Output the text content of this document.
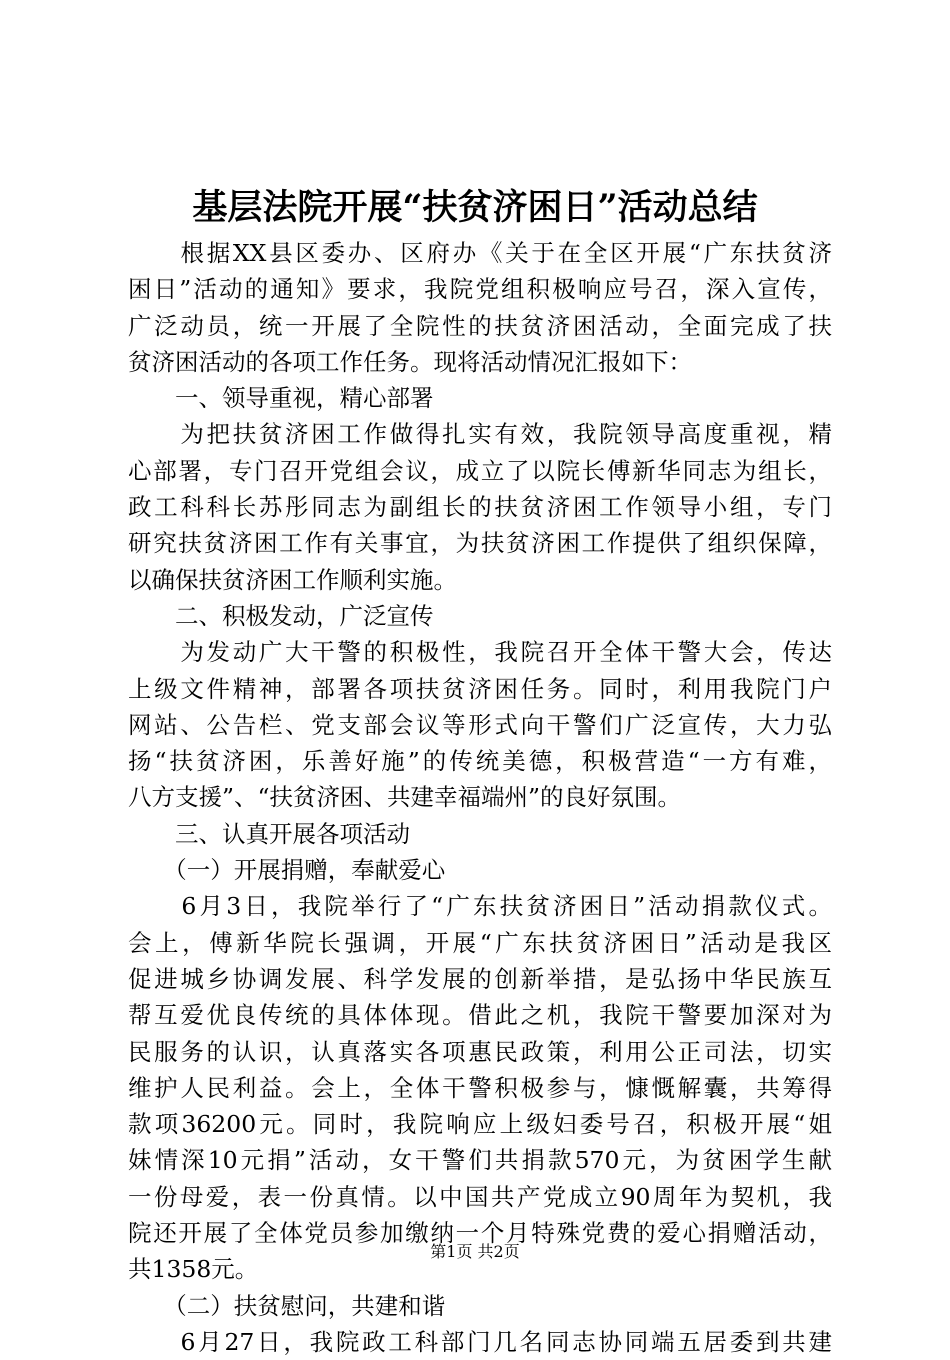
基层法院开展“扶贫济困日”活动总结
　　根据XX县区委办、区府办《关于在全区开展“广东扶贫济
困日”活动的通知》要求，我院党组积极响应号召，深入宣传，
广泛动员，统一开展了全院性的扶贫济困活动，全面完成了扶
贫济困活动的各项工作任务。现将活动情况汇报如下：
　　一、领导重视，精心部署
　　为把扶贫济困工作做得扎实有效，我院领导高度重视，精
心部署，专门召开党组会议，成立了以院长傅新华同志为组长，
政工科科长苏彤同志为副组长的扶贫济困工作领导小组，专门
研究扶贫济困工作有关事宜，为扶贫济困工作提供了组织保障，
以确保扶贫济困工作顺利实施。
　　二、积极发动，广泛宣传
　　为发动广大干警的积极性，我院召开全体干警大会，传达
上级文件精神，部署各项扶贫济困任务。同时，利用我院门户
网站、公告栏、党支部会议等形式向干警们广泛宣传，大力弘
扬“扶贫济困，乐善好施”的传统美德，积极营造“一方有难，
八方支援”、“扶贫济困、共建幸福端州”的良好氛围。
　　三、认真开展各项活动
　　（一）开展捐赠，奉献爱心
　　6月3日，我院举行了“广东扶贫济困日”活动捐款仪式。
会上，傅新华院长强调，开展“广东扶贫济困日”活动是我区
促进城乡协调发展、科学发展的创新举措，是弘扬中华民族互
帮互爱优良传统的具体体现。借此之机，我院干警要加深对为
民服务的认识，认真落实各项惠民政策，利用公正司法，切实
维护人民利益。会上，全体干警积极参与，慷慨解囊，共筹得
款项36200元。同时，我院响应上级妇委号召，积极开展“姐
妹情深10元捐”活动，女干警们共捐款570元，为贫困学生献
一份母爱，表一份真情。以中国共产党成立90周年为契机，我
院还开展了全体党员参加缴纳一个月特殊党费的爱心捐赠活动，
共1358元。
　　（二）扶贫慰问，共建和谐
　　6月27日，我院政工科部门几名同志协同端五居委到共建
第1页 共2页
